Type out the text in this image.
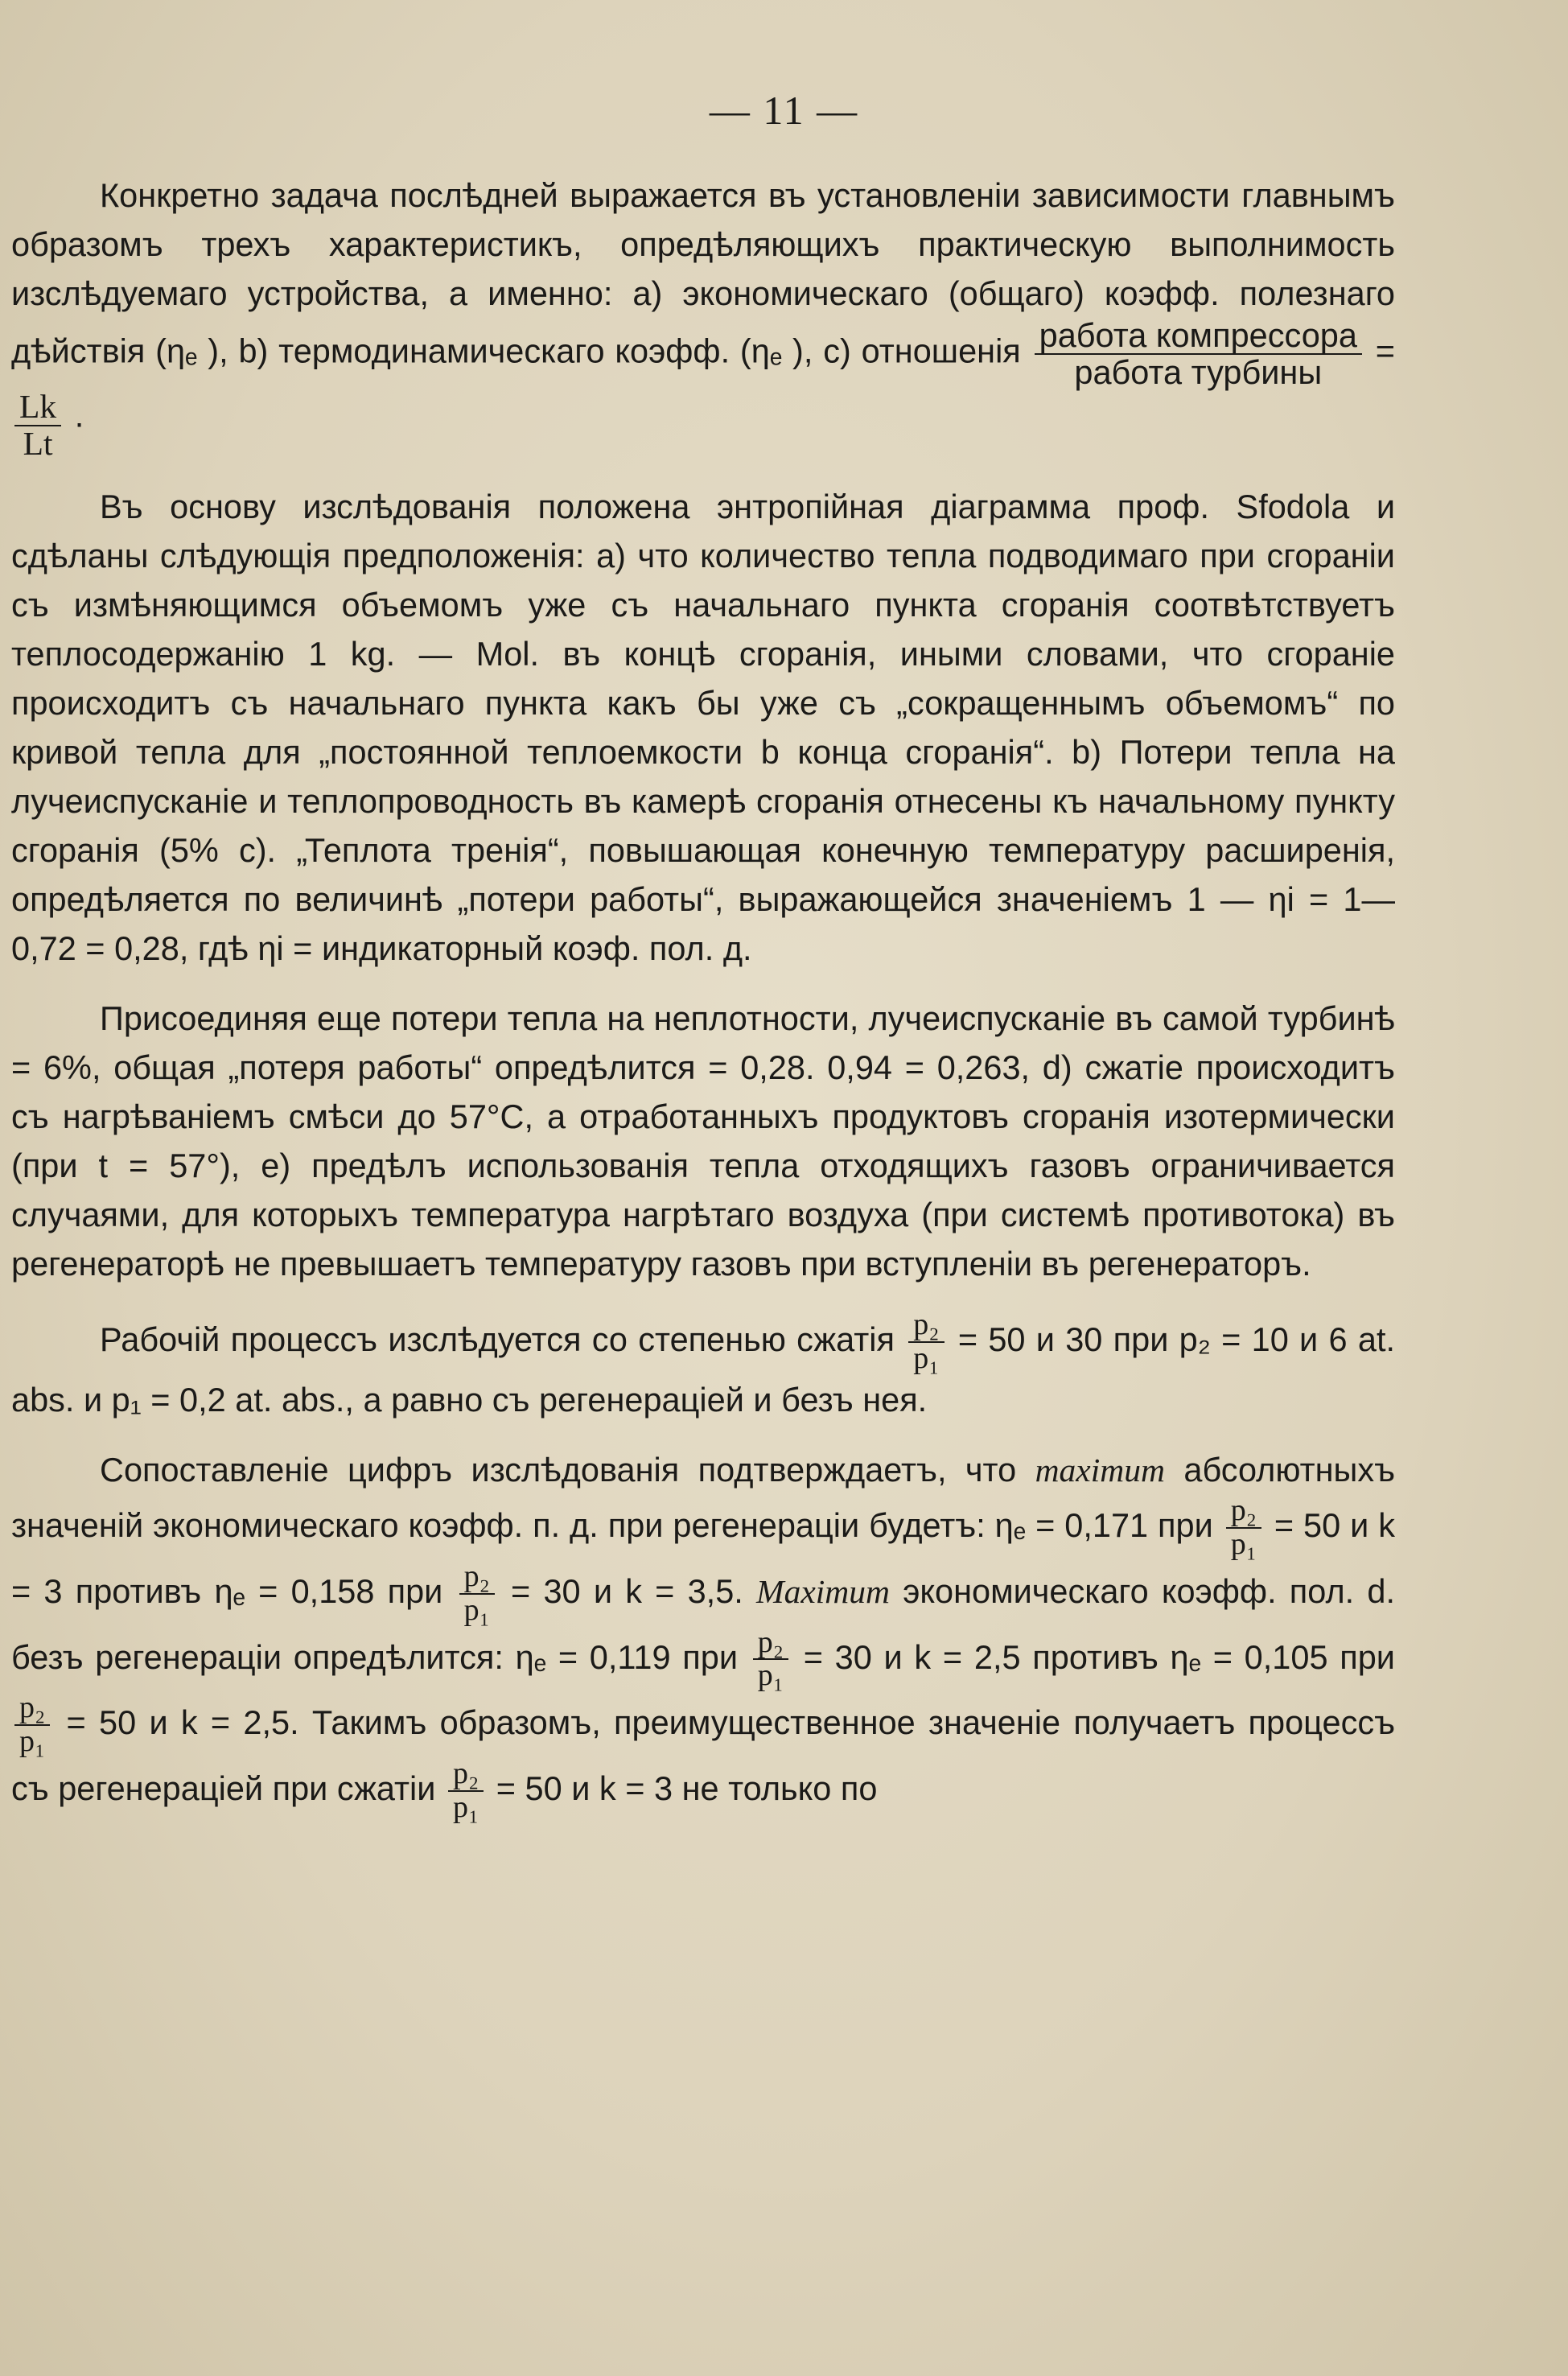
— 11 —

Конкретно задача послѣдней выражается въ установленіи зависимости главнымъ образомъ трехъ характеристикъ, опредѣляющихъ практическую выполнимость изслѣдуемаго устройства, а именно: а) экономическаго (общаго) коэфф. полезнаго дѣйствія (ηₑ ), b) термодинамическаго коэфф. (ηₑ ), c) отношенія $\frac{\text{работа компрессора}}{\text{работа турбины}}$ =
$\frac{Lk}{Lt}$ ·

Въ основу изслѣдованія положена энтропійная діаграмма проф. Sfodola и сдѣланы слѣдующія предположенія: а) что количество тепла подводимаго при сгораніи съ измѣняющимся объемомъ уже съ начальнаго пункта сгоранія соотвѣтствуетъ теплосодержанію 1 kg. — Mol. въ концѣ сгоранія, иными словами, что сгораніе происходитъ съ начальнаго пункта какъ бы уже съ „сокращеннымъ объемомъ“ по кривой тепла для „постоянной теплоемкости b конца сгоранія“. b) Потери тепла на лучеиспусканіе и теплопроводность въ камерѣ сгоранія отнесены къ начальному пункту сгоранія (5% c). „Теплота тренія“, повышающая конечную температуру расширенія, опредѣляется по величинѣ „потери работы“, выражающейся значеніемъ 1 — ηi = 1—0,72 = 0,28, гдѣ ηi = индикаторный коэф. пол. д.

Присоединяя еще потери тепла на неплотности, лучеиспусканіе въ самой турбинѣ = 6%, общая „потеря работы“ опредѣлится = 0,28. 0,94 = 0,263, d) сжатіе происходитъ съ нагрѣваніемъ смѣси до 57°C, а отработанныхъ продуктовъ сгоранія изотермически (при t = 57°), e) предѣлъ использованія тепла отходящихъ газовъ ограничивается случаями, для которыхъ температура нагрѣтаго воздуха (при системѣ противотока) въ регенераторѣ не превышаетъ температуру газовъ при вступленіи въ регенераторъ.

Рабочій процессъ изслѣдуется со степенью сжатія $\frac{\text{p₂}}{\text{p₁}} = 50$ и 30 при p₂ = 10 и 6 at. abs. и p₁ = 0,2 at. abs., а равно съ регенераціей и безъ нея.

Сопоставленіе цифръ изслѣдованія подтверждаетъ, что maximum абсолютныхъ значеній экономическаго коэфф. п. д. при регенераціи будетъ: ηₑ = 0,171 при $\frac{\text{p₂}}{\text{p₁}} = 50$ и k = 3 противъ ηₑ = 0,158 при $\frac{\text{p₂}}{\text{p₁}} = 30$ и k = 3,5. Maximum экономическаго коэфф. пол. d. безъ регенераціи опредѣлится: ηₑ = 0,119 при $\frac{\text{p₂}}{\text{p₁}} = 30$ и k = 2,5 противъ ηₑ = 0,105 при
$\frac{\text{p₂}}{\text{p₁}} = 50$ и k = 2,5. Такимъ образомъ, преимущественное значеніе получаетъ процессъ съ регенераціей при сжатіи $\frac{\text{p₂}}{\text{p₁}} = 50$ и k = 3 не только по
